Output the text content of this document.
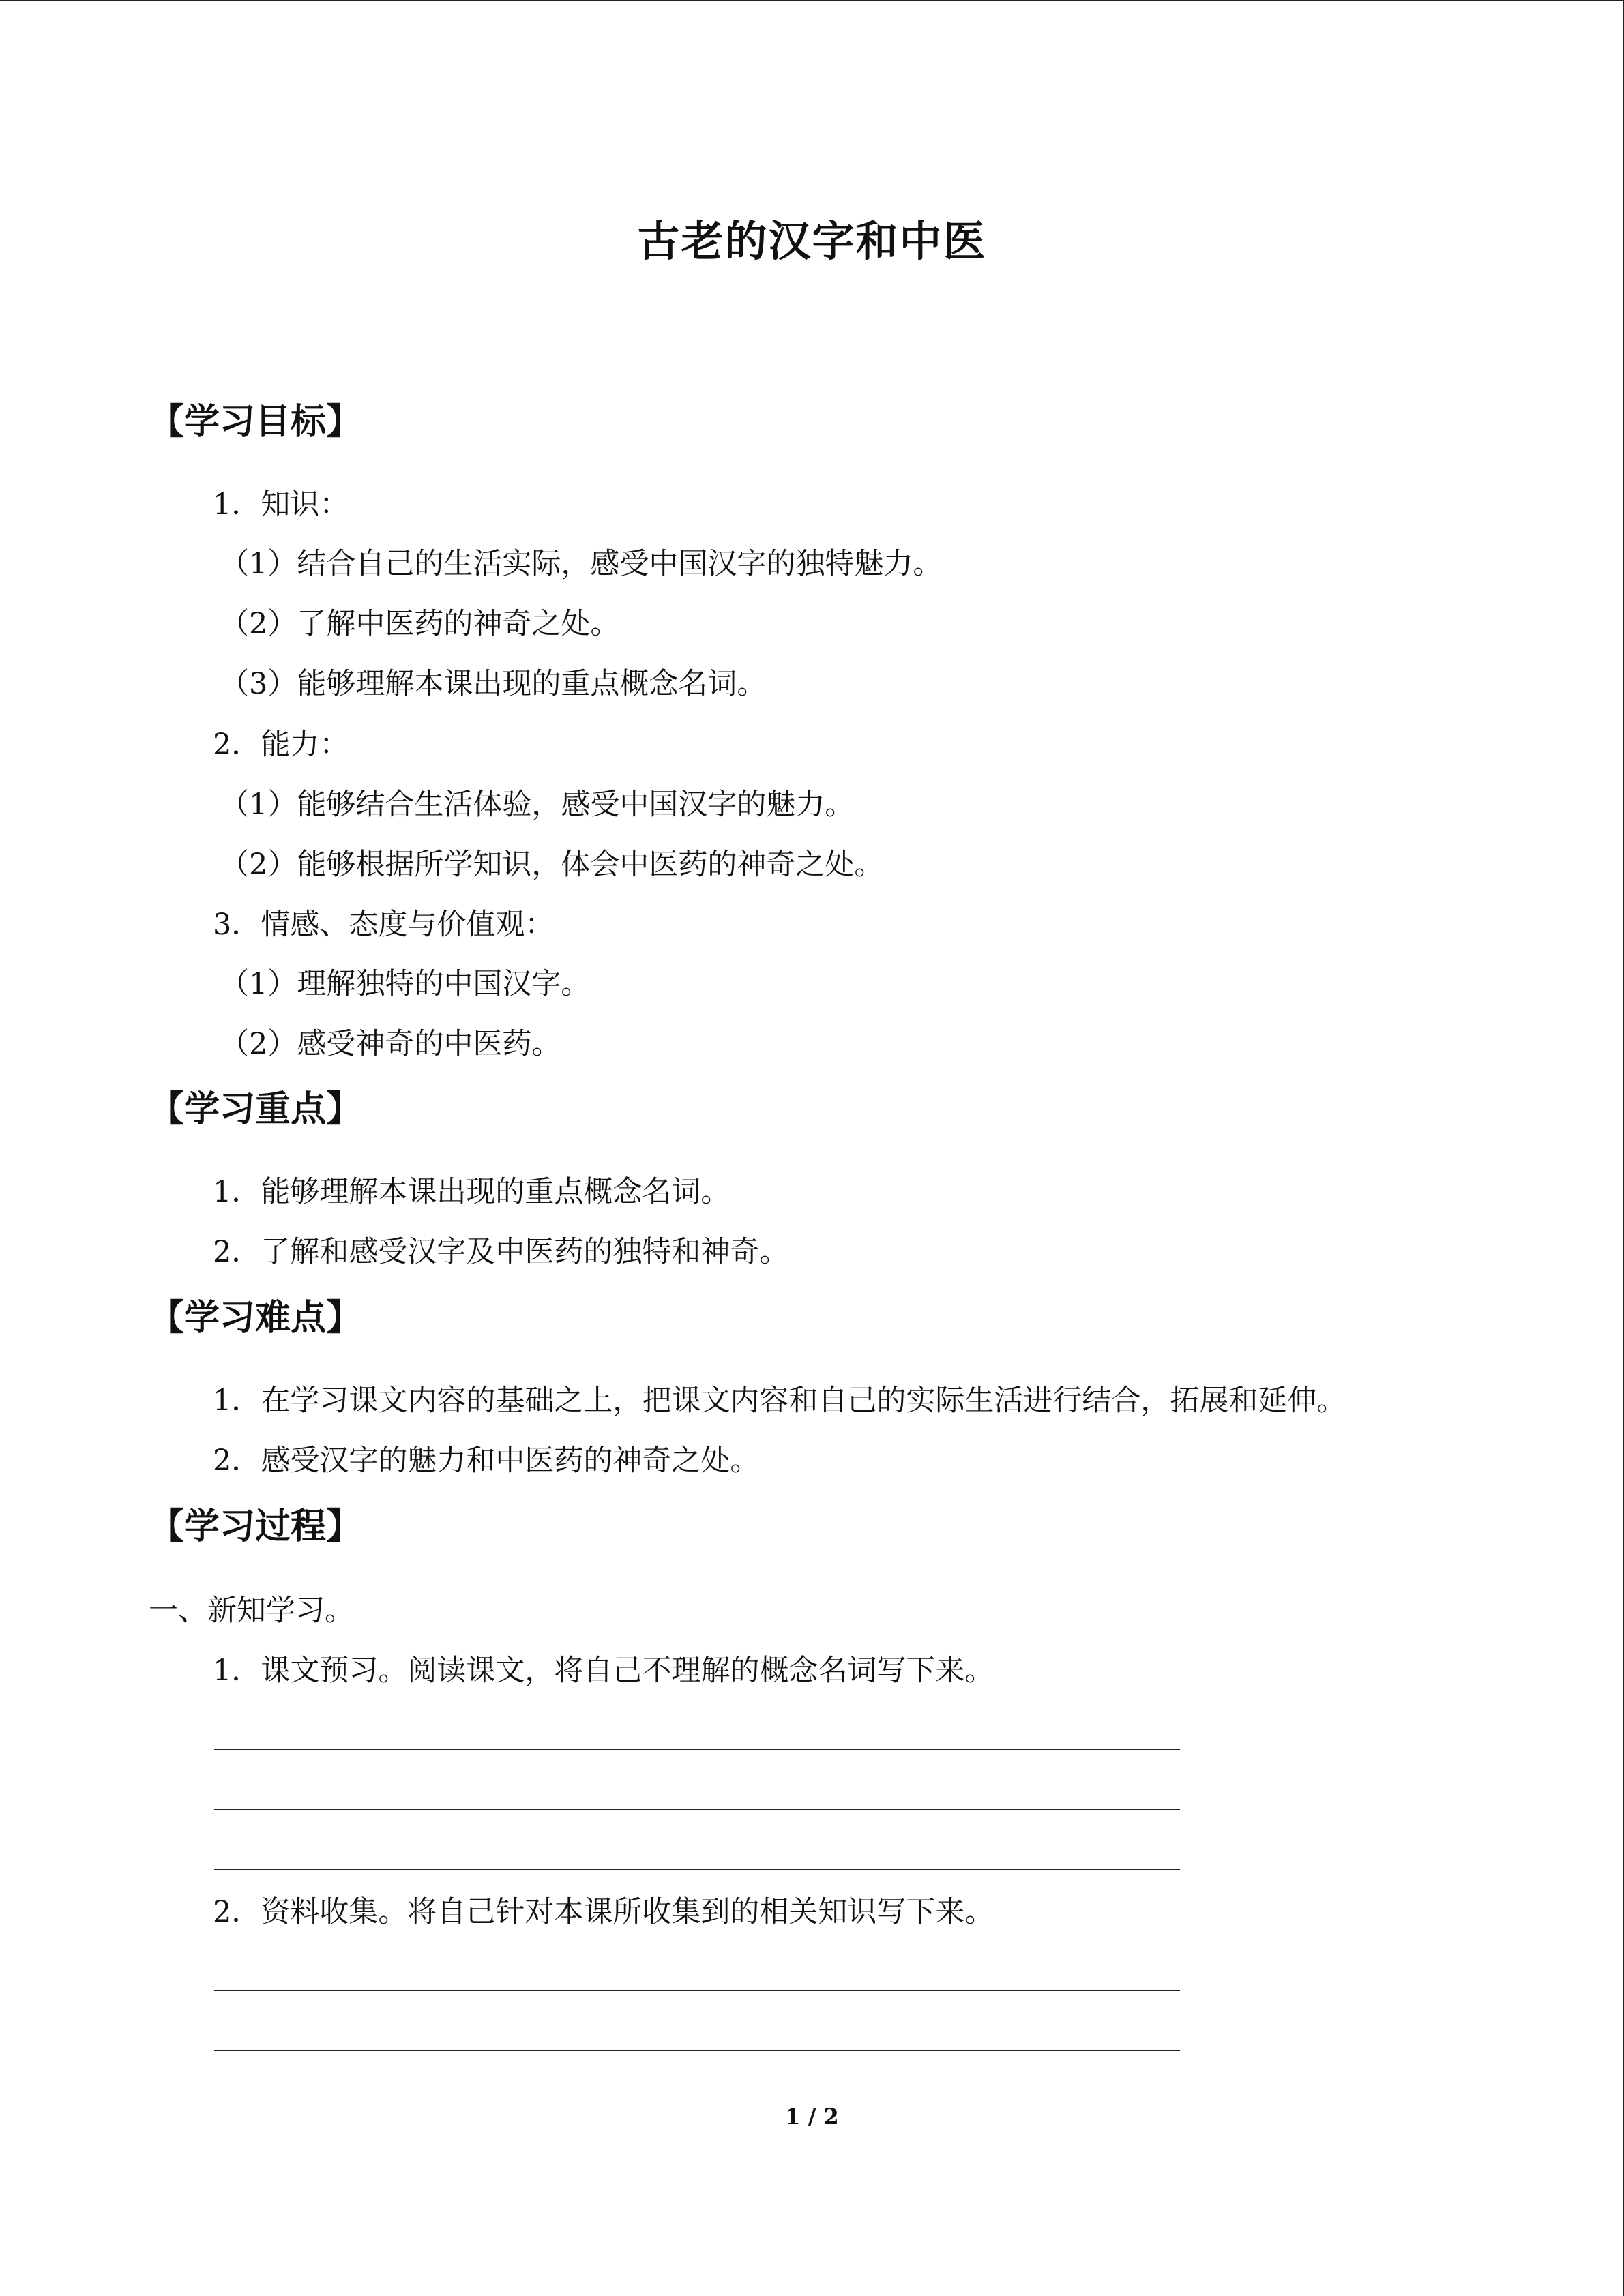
古老的汉字和中医
【学习目标】
1．知识：
（1）结合自己的生活实际，感受中国汉字的独特魅力。
（2）了解中医药的神奇之处。
（3）能够理解本课出现的重点概念名词。
2．能力：
（1）能够结合生活体验，感受中国汉字的魅力。
（2）能够根据所学知识，体会中医药的神奇之处。
3．情感、态度与价值观：
（1）理解独特的中国汉字。
（2）感受神奇的中医药。
【学习重点】
1．能够理解本课出现的重点概念名词。
2．了解和感受汉字及中医药的独特和神奇。
【学习难点】
1．在学习课文内容的基础之上，把课文内容和自己的实际生活进行结合，拓展和延伸。
2．感受汉字的魅力和中医药的神奇之处。
【学习过程】
一、新知学习。
1．课文预习。阅读课文，将自己不理解的概念名词写下来。
2．资料收集。将自己针对本课所收集到的相关知识写下来。
1 / 2
